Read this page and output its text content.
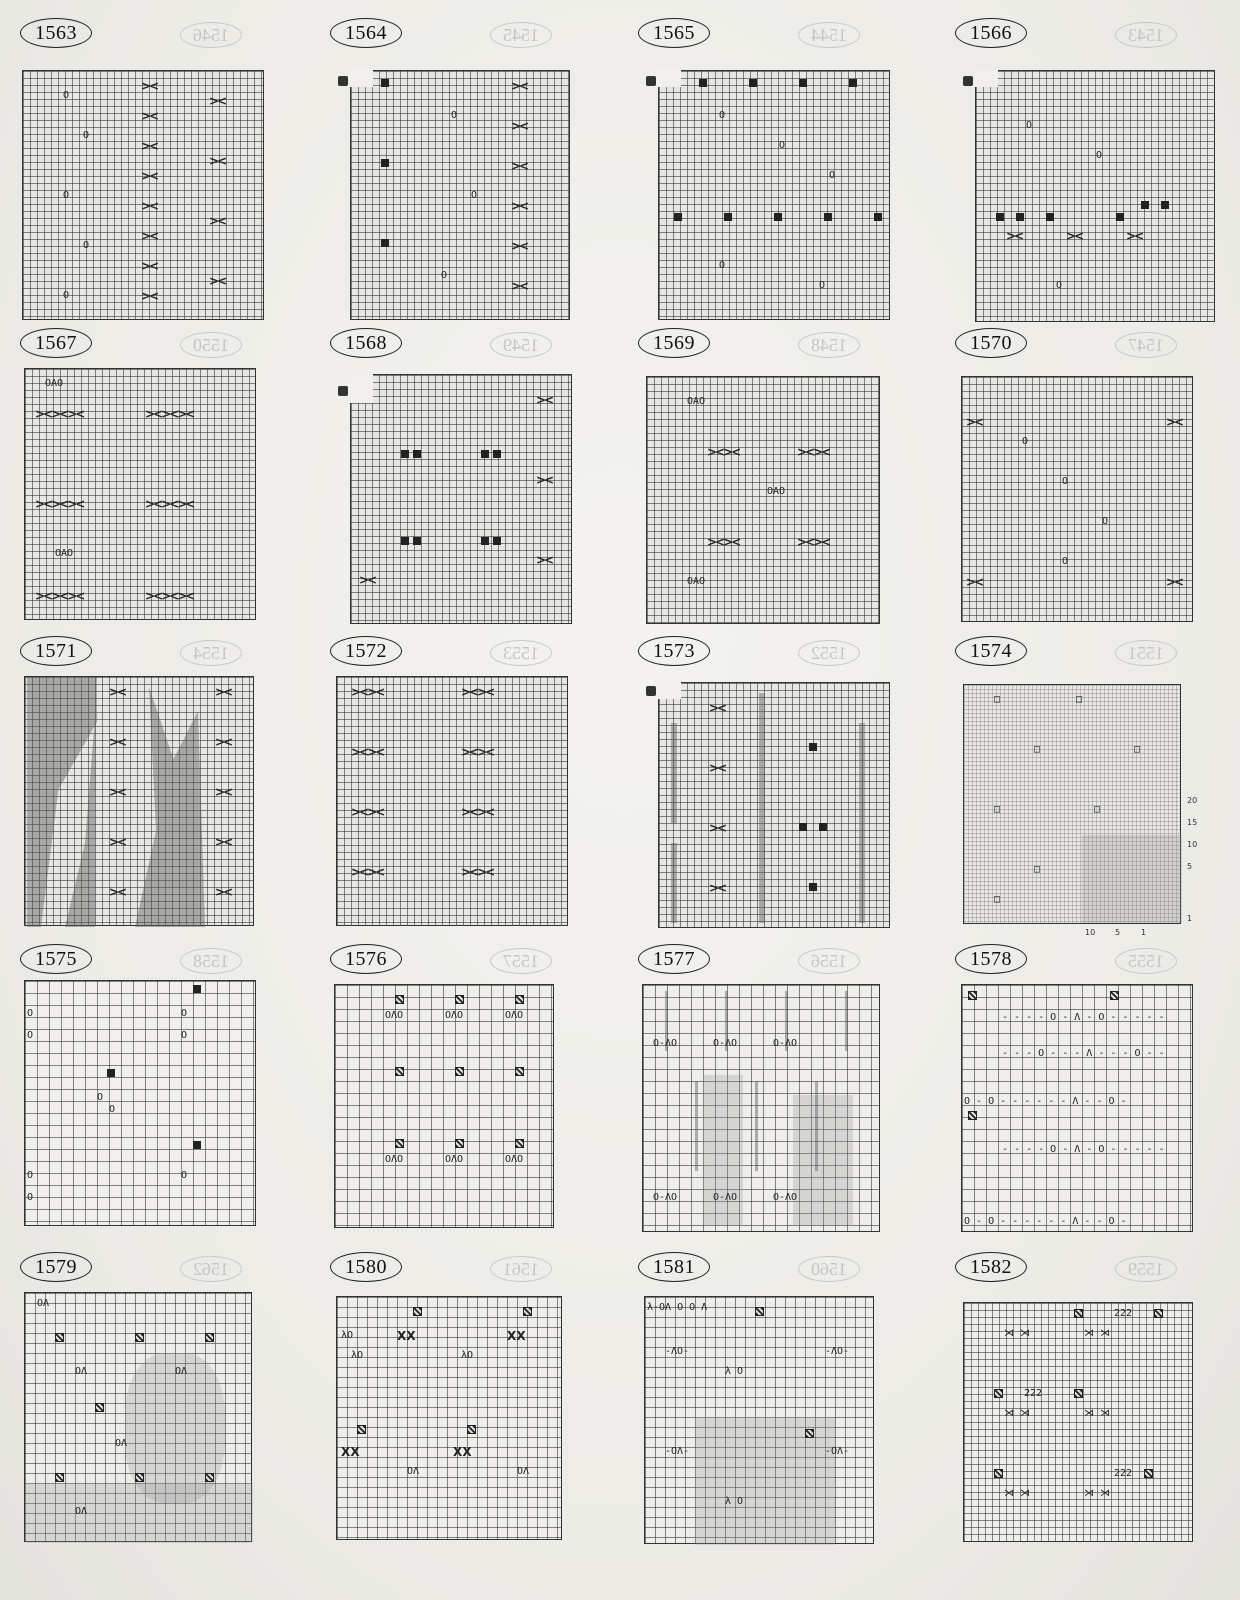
1563	1546
><
><
><
><
><
><
><
><
><
><
><
><
O
O
O
O
O
1564	1545
><
><
><
><
><
><
O
O
O
1565	1544
O
O
O
O
O
1566	1543
><	><	><
O
O
O
1567	1550
><><><	><><><
><><><	><><><
><><><	><><><
OAO
OAO
1568	1549
><
><
><
><
1569	1548
><><	><><
><><	><><
OAO
OAO
OAO
1570	1547
><	><
><	><
O
O
O
O
1571	1554
><
><
><
><
><
><
><
><
><
><
1572	1553
><><	><><
><><	><><
><><	><><
><><	><><
1573	1552
><
><
><
><
1574	1551
□	□
□	□
□	□
□
□
20
15
10
5
1
10 5	1
1575	1558
O
O
O
O
O
O
O
O
O
1576	1557
OΛO	OΛO	OΛO
OΛO	OΛO	OΛO
1577	1556
O-ΛO	O-ΛO	O-ΛO
O-ΛO	O-ΛO	O-ΛO
1578	1555
- - - - O - Λ - O - - - - -
- - - O - - - Λ - - - O - -
O - O - - - - - - Λ - - O -
- - - - O - Λ - O - - - - -
O - O - - - - - - Λ - - O -
1579	1562
OΛ
OΛ	OΛ
OΛ
OΛ
1580	1561
X X	X X
X X	X X
λO
λO	λO
OΛ	OΛ
1581	1560
λ-OΛ O O Λ
-ΛO-	-ΛO-
λ O
-OΛ-	-OΛ-
λ O
1582	1559
⋊ ⋊	⋊ ⋊
⋊ ⋊	⋊ ⋊
⋊ ⋊	⋊ ⋊
222
222
222
